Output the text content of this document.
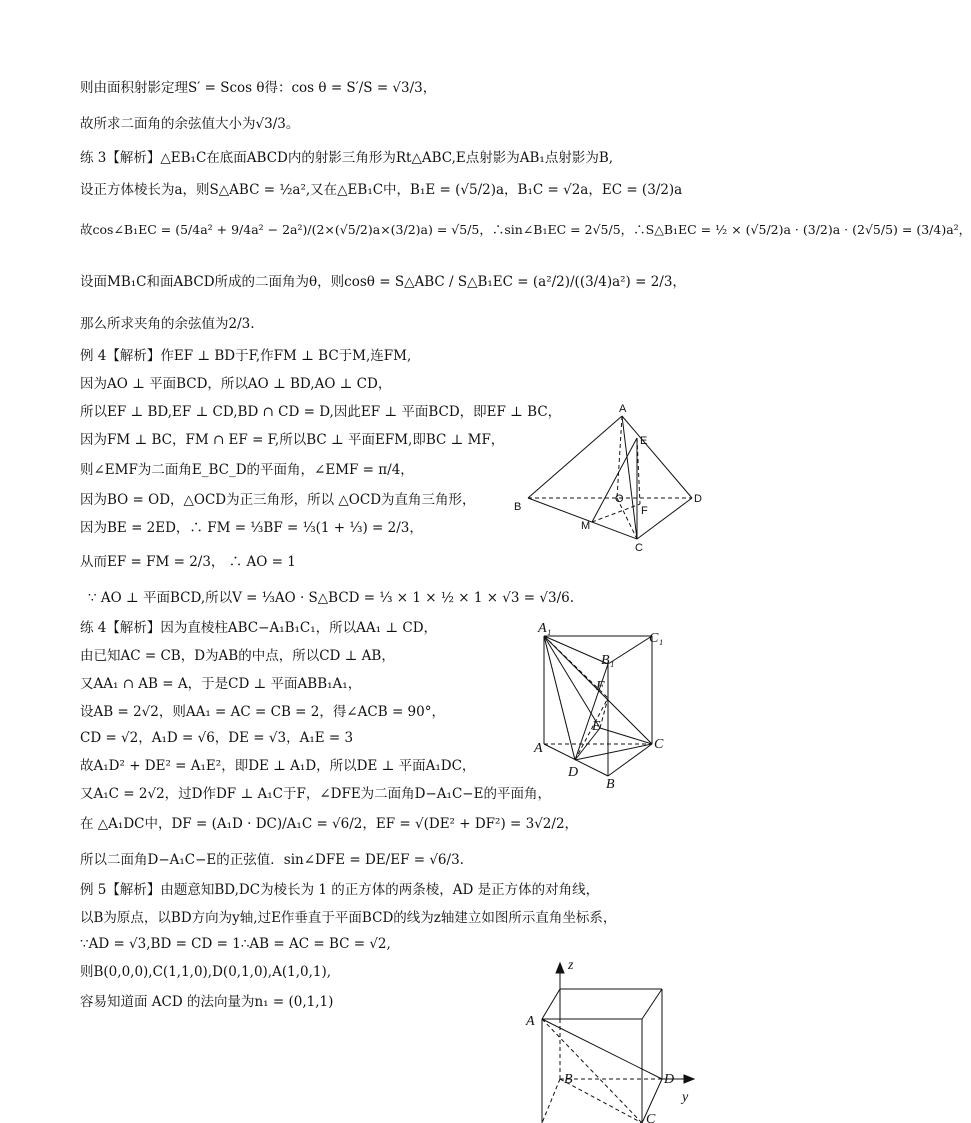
则由面积射影定理S′ = Scos θ得：cos θ = S′/S = √3/3，
故所求二面角的余弦值大小为√3/3。
练 3【解析】△EB₁C在底面ABCD内的射影三角形为Rt△ABC,E点射影为AB₁点射影为B,
设正方体棱长为a，则S△ABC = ½a²,又在△EB₁C中，B₁E = (√5/2)a，B₁C = √2a，EC = (3/2)a
故cos∠B₁EC = (5/4a² + 9/4a² − 2a²)/(2×(√5/2)a×(3/2)a) = √5/5，∴sin∠B₁EC = 2√5/5，∴S△B₁EC = ½ × (√5/2)a · (3/2)a · (2√5/5) = (3/4)a²，
设面MB₁C和面ABCD所成的二面角为θ，则cosθ = S△ABC / S△B₁EC = (a²/2)/((3/4)a²) = 2/3，
那么所求夹角的余弦值为2/3.
例 4【解析】作EF ⊥ BD于F,作FM ⊥ BC于M,连FM,
因为AO ⊥ 平面BCD，所以AO ⊥ BD,AO ⊥ CD，
所以EF ⊥ BD,EF ⊥ CD,BD ∩ CD = D,因此EF ⊥ 平面BCD，即EF ⊥ BC，
因为FM ⊥ BC，FM ∩ EF = F,所以BC ⊥ 平面EFM,即BC ⊥ MF，
则∠EMF为二面角E_BC_D的平面角，∠EMF = π/4，
因为BO = OD，△OCD为正三角形，所以 △OCD为直角三角形，
因为BE = 2ED，∴ FM = ⅓BF = ⅓(1 + ⅓) = 2/3，
从而EF = FM = 2/3， ∴ AO = 1
∵ AO ⊥ 平面BCD,所以V = ⅓AO · S△BCD = ⅓ × 1 × ½ × 1 × √3 = √3/6.
练 4【解析】因为直棱柱ABC−A₁B₁C₁，所以AA₁ ⊥ CD，
由已知AC = CB，D为AB的中点，所以CD ⊥ AB，
又AA₁ ∩ AB = A，于是CD ⊥ 平面ABB₁A₁，
设AB = 2√2，则AA₁ = AC = CB = 2，得∠ACB = 90°，
CD = √2，A₁D = √6，DE = √3，A₁E = 3
故A₁D² + DE² = A₁E²，即DE ⊥ A₁D，所以DE ⊥ 平面A₁DC，
又A₁C = 2√2，过D作DF ⊥ A₁C于F，∠DFE为二面角D−A₁C−E的平面角，
在 △A₁DC中，DF = (A₁D · DC)/A₁C = √6/2，EF = √(DE² + DF²) = 3√2/2，
所以二面角D−A₁C−E的正弦值．sin∠DFE = DE/EF = √6/3.
例 5【解析】由题意知BD,DC为棱长为 1 的正方体的两条棱，AD 是正方体的对角线，
以B为原点，以BD方向为y轴,过E作垂直于平面BCD的线为z轴建立如图所示直角坐标系，
∵AD = √3,BD = CD = 1∴AB = AC = BC = √2,
则B(0,0,0),C(1,1,0),D(0,1,0),A(1,0,1),
容易知道面 ACD 的法向量为n₁ = (0,1,1)
A
E
B
O	D
M
F
C
A₁
C₁
B₁
F
E
A	C
D
B
z
A
B	D
y
C
